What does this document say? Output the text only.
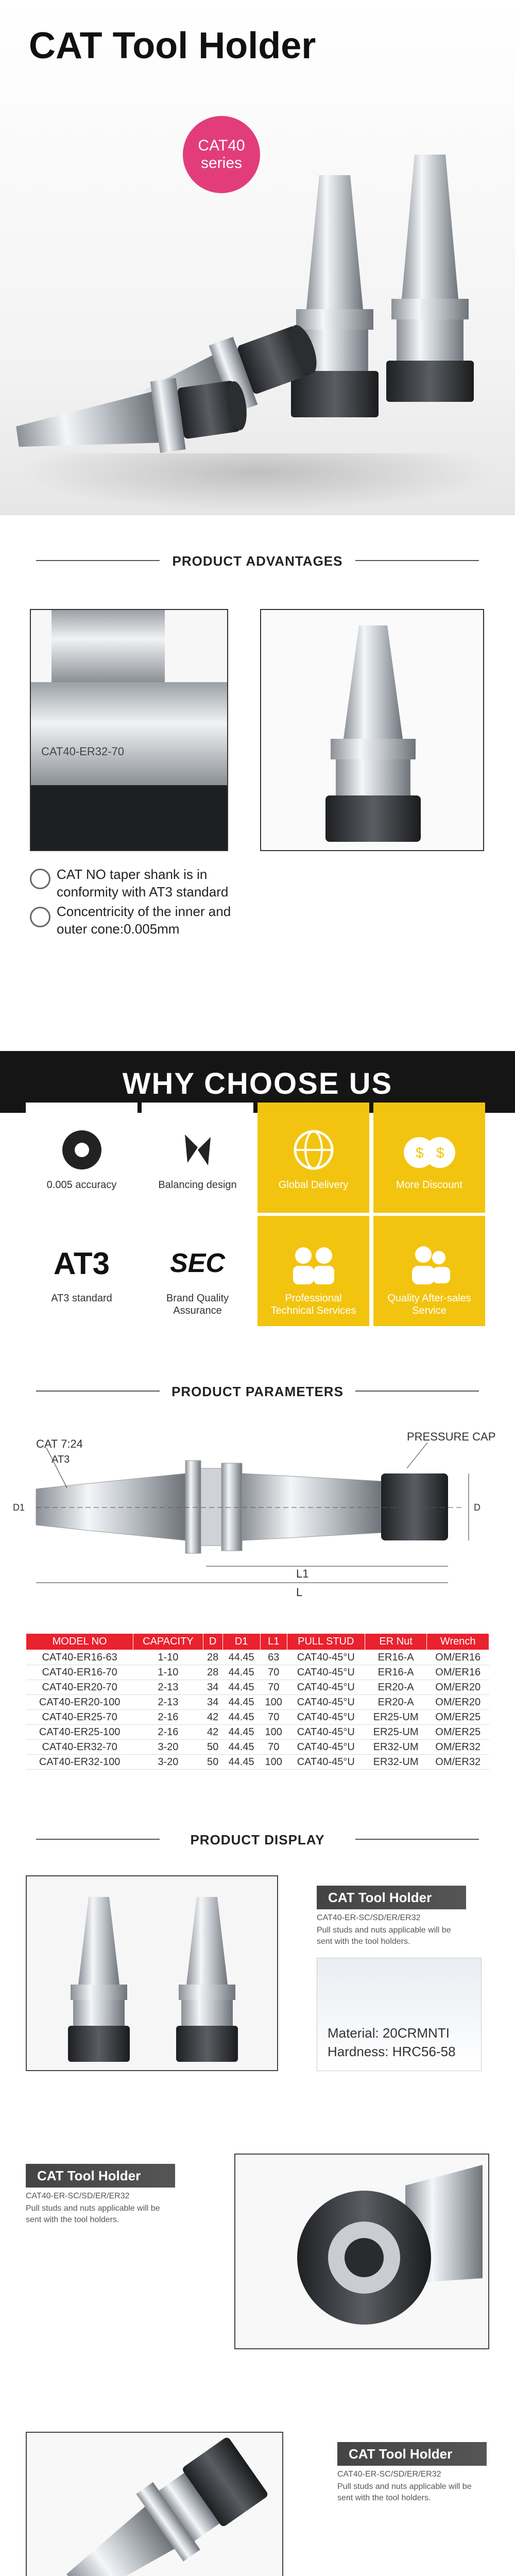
CAT Tool Holder
CAT40
series
PRODUCT ADVANTAGES
CAT40-ER32-70
CAT NO taper shank is in conformity with AT3 standard
Concentricity of the inner and outer cone:0.005mm
WHY CHOOSE US
0.005 accuracy	Balancing design	Global Delivery
$ $
More Discount
AT3
AT3 standard
SEC
Brand Quality Assurance
Professional Technical Services
Quality After-sales Service
PRODUCT PARAMETERS
CAT 7:24
AT3
PRESSURE CAP
L
L1
D
D1
MODEL NO	CAPACITY	D	D1	L1	PULL STUD	ER Nut	Wrench
CAT40-ER16-63	1-10	28	44.45	63	CAT40-45°U	ER16-A	OM/ER16
CAT40-ER16-70	1-10	28	44.45	70	CAT40-45°U	ER16-A	OM/ER16
CAT40-ER20-70	2-13	34	44.45	70	CAT40-45°U	ER20-A	OM/ER20
CAT40-ER20-100	2-13	34	44.45	100	CAT40-45°U	ER20-A	OM/ER20
CAT40-ER25-70	2-16	42	44.45	70	CAT40-45°U	ER25-UM	OM/ER25
CAT40-ER25-100	2-16	42	44.45	100	CAT40-45°U	ER25-UM	OM/ER25
CAT40-ER32-70	3-20	50	44.45	70	CAT40-45°U	ER32-UM	OM/ER32
CAT40-ER32-100	3-20	50	44.45	100	CAT40-45°U	ER32-UM	OM/ER32
PRODUCT DISPLAY
CAT Tool Holder
CAT40-ER-SC/SD/ER/ER32
Pull studs and nuts applicable will be sent with the tool holders.
Material: 20CRMNTI
Hardness: HRC56-58
CAT Tool Holder
CAT40-ER-SC/SD/ER/ER32
Pull studs and nuts applicable will be sent with the tool holders.
CAT Tool Holder
CAT40-ER-SC/SD/ER/ER32
Pull studs and nuts applicable will be sent with the tool holders.
